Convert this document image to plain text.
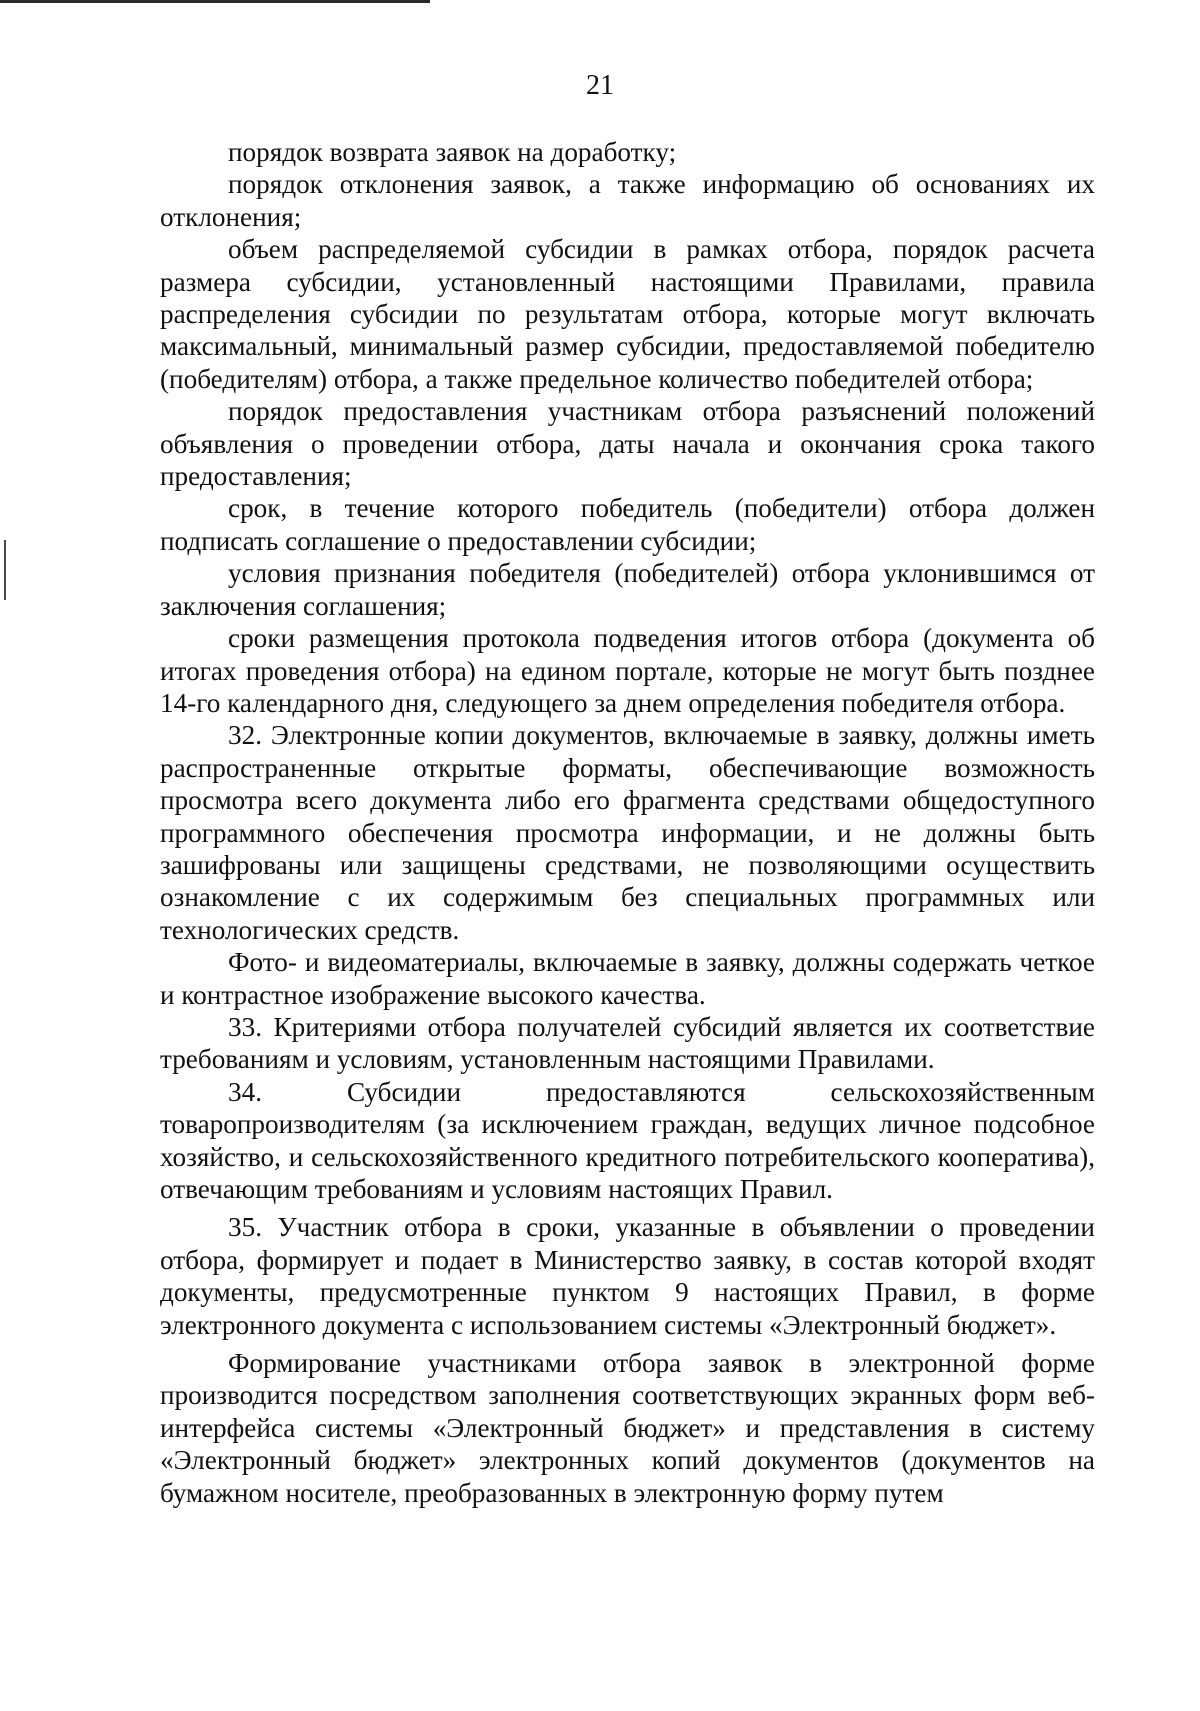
21

порядок возврата заявок на доработку;

порядок отклонения заявок, а также информацию об основаниях их отклонения;

объем распределяемой субсидии в рамках отбора, порядок расчета размера субсидии, установленный настоящими Правилами, правила распределения субсидии по результатам отбора, которые могут включать максимальный, минимальный размер субсидии, предоставляемой победителю (победителям) отбора, а также предельное количество победителей отбора;

порядок предоставления участникам отбора разъяснений положений объявления о проведении отбора, даты начала и окончания срока такого предоставления;

срок, в течение которого победитель (победители) отбора должен подписать соглашение о предоставлении субсидии;

условия признания победителя (победителей) отбора уклонившимся от заключения соглашения;

сроки размещения протокола подведения итогов отбора (документа об итогах проведения отбора) на едином портале, которые не могут быть позднее 14-го календарного дня, следующего за днем определения победителя отбора.

32. Электронные копии документов, включаемые в заявку, должны иметь распространенные открытые форматы, обеспечивающие возможность просмотра всего документа либо его фрагмента средствами общедоступного программного обеспечения просмотра информации, и не должны быть зашифрованы или защищены средствами, не позволяющими осуществить ознакомление с их содержимым без специальных программных или технологических средств.

Фото- и видеоматериалы, включаемые в заявку, должны содержать четкое и контрастное изображение высокого качества.

33. Критериями отбора получателей субсидий является их соответствие требованиям и условиям, установленным настоящими Правилами.

34. Субсидии предоставляются сельскохозяйственным товаропроизводителям (за исключением граждан, ведущих личное подсобное хозяйство, и сельскохозяйственного кредитного потребительского кооператива), отвечающим требованиям и условиям настоящих Правил.

35. Участник отбора в сроки, указанные в объявлении о проведении отбора, формирует и подает в Министерство заявку, в состав которой входят документы, предусмотренные пунктом 9 настоящих Правил, в форме электронного документа с использованием системы «Электронный бюджет».

Формирование участниками отбора заявок в электронной форме производится посредством заполнения соответствующих экранных форм веб-интерфейса системы «Электронный бюджет» и представления в систему «Электронный бюджет» электронных копий документов (документов на бумажном носителе, преобразованных в электронную форму путем
